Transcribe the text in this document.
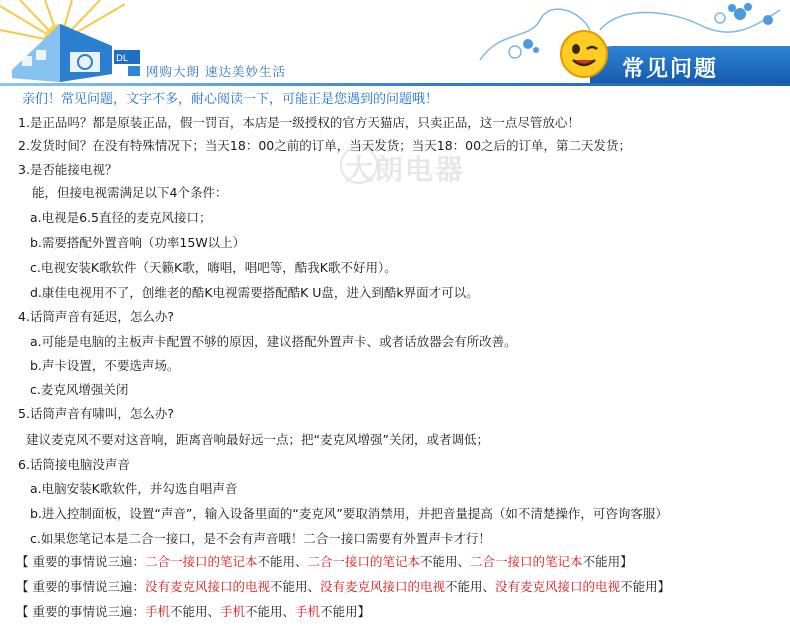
DL
网购大朗 速达美妙生活	常见问题
大朗电器
亲们！常见问题，文字不多，耐心阅读一下，可能正是您遇到的问题哦！
1.是正品吗？都是原装正品，假一罚百，本店是一级授权的官方天猫店，只卖正品，这一点尽管放心！
2.发货时间？在没有特殊情况下；当天18：00之前的订单，当天发货；当天18：00之后的订单，第二天发货；
3.是否能接电视？
能，但接电视需满足以下4个条件：
a.电视是6.5直径的麦克风接口；
b.需要搭配外置音响（功率15W以上）
c.电视安装K歌软件（天籁K歌，嗨唱，唱吧等，酷我K歌不好用）。
d.康佳电视用不了，创维老的酷K电视需要搭配酷K U盘，进入到酷k界面才可以。
4.话筒声音有延迟，怎么办?
a.可能是电脑的主板声卡配置不够的原因，建议搭配外置声卡、或者话放器会有所改善。
b.声卡设置，不要选声场。
c.麦克风增强关闭
5.话筒声音有啸叫，怎么办?
建议麦克风不要对这音响，距离音响最好远一点；把“麦克风增强”关闭，或者调低；
6.话筒接电脑没声音
a.电脑安装K歌软件，并勾选自唱声音
b.进入控制面板，设置“声音”，输入设备里面的“麦克风”要取消禁用，并把音量提高（如不清楚操作，可咨询客服）
c.如果您笔记本是二合一接口，是不会有声音哦！二合一接口需要有外置声卡才行！
【 重要的事情说三遍：二合一接口的笔记本不能用、二合一接口的笔记本不能用、二合一接口的笔记本不能用】
【 重要的事情说三遍：没有麦克风接口的电视不能用、没有麦克风接口的电视不能用、没有麦克风接口的电视不能用】
【 重要的事情说三遍：手机不能用、手机不能用、手机不能用】
